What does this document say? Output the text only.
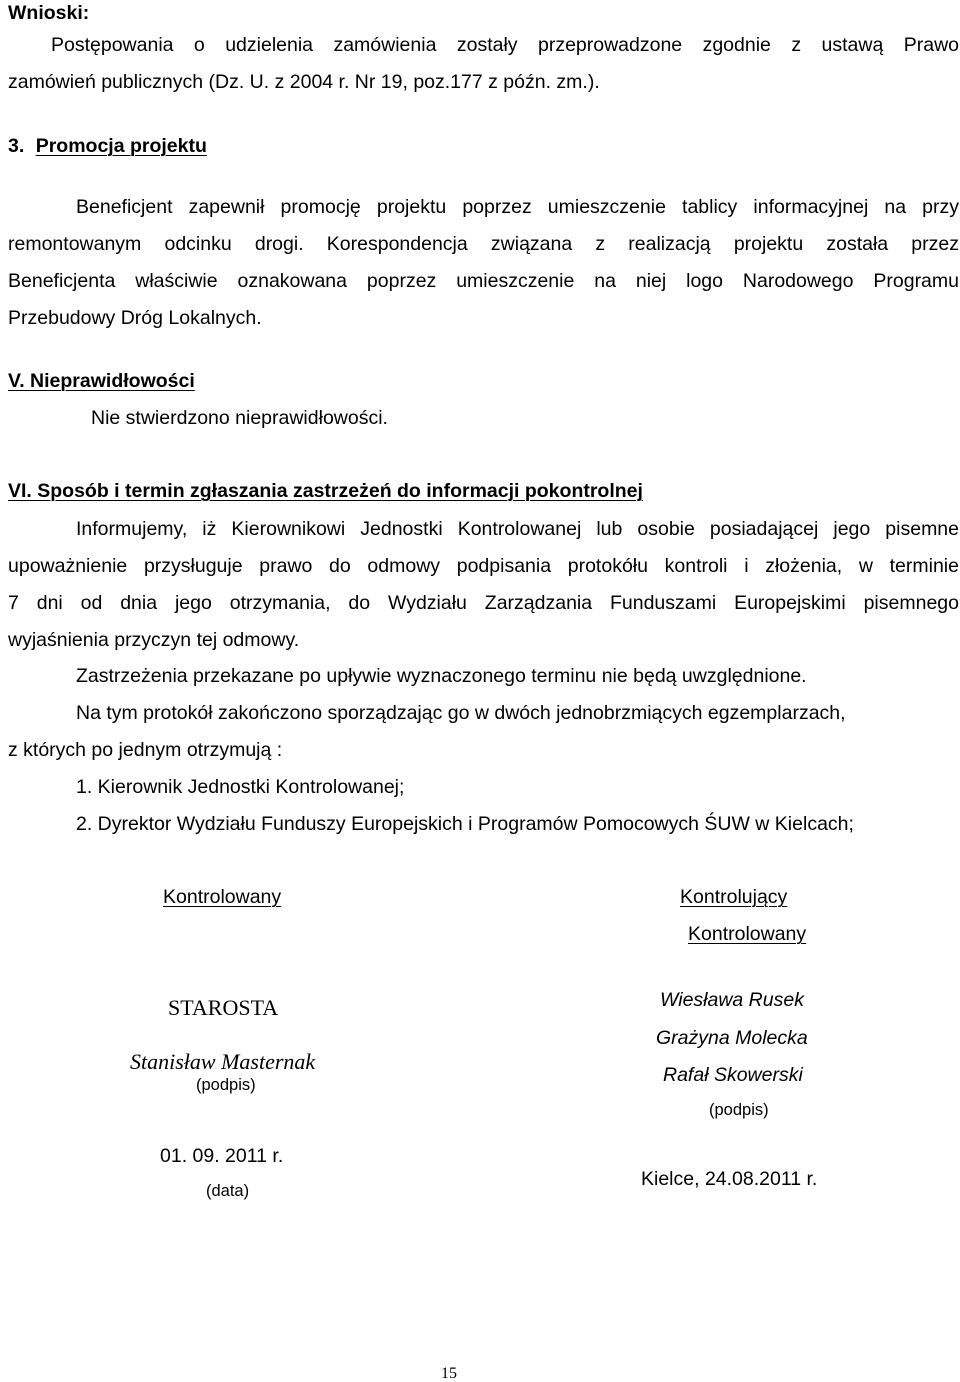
Wnioski:
Postępowania o udzielenia zamówienia zostały przeprowadzone zgodnie z ustawą Prawo
zamówień publicznych (Dz. U. z 2004 r. Nr 19, poz.177 z późn. zm.).
3. Promocja projektu
Beneficjent zapewnił promocję projektu poprzez umieszczenie tablicy informacyjnej na przy
remontowanym odcinku drogi. Korespondencja związana z realizacją projektu została przez
Beneficjenta właściwie oznakowana poprzez umieszczenie na niej logo Narodowego Programu
Przebudowy Dróg Lokalnych.
V. Nieprawidłowości
Nie stwierdzono nieprawidłowości.
VI. Sposób i termin zgłaszania zastrzeżeń do informacji pokontrolnej
Informujemy, iż Kierownikowi Jednostki Kontrolowanej lub osobie posiadającej jego pisemne
upoważnienie przysługuje prawo do odmowy podpisania protokółu kontroli i złożenia, w terminie
7 dni od dnia jego otrzymania, do Wydziału Zarządzania Funduszami Europejskimi pisemnego
wyjaśnienia przyczyn tej odmowy.
Zastrzeżenia przekazane po upływie wyznaczonego terminu nie będą uwzględnione.
Na tym protokół zakończono sporządzając go w dwóch jednobrzmiących egzemplarzach,
z których po jednym otrzymują :
1. Kierownik Jednostki Kontrolowanej;
2. Dyrektor Wydziału Funduszy Europejskich i Programów Pomocowych ŚUW w Kielcach;
Kontrolowany
STAROSTA
Stanisław Masternak
(podpis)
01. 09. 2011 r.
(data)
Kontrolujący
Kontrolowany
Wiesława Rusek
Grażyna Molecka
Rafał Skowerski
(podpis)
Kielce, 24.08.2011 r.
15
